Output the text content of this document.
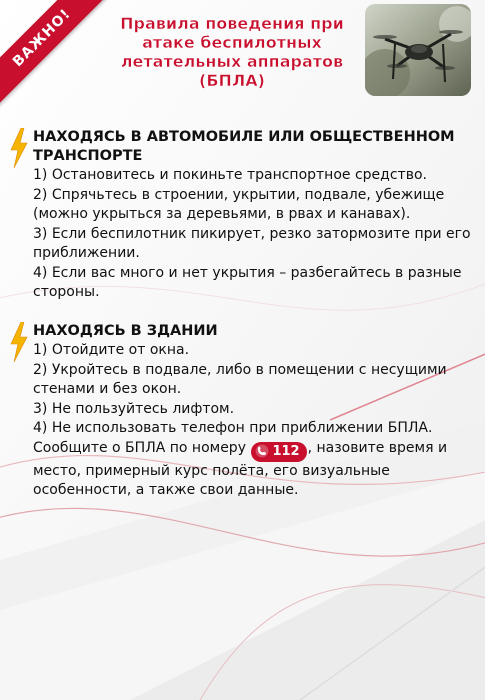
ВАЖНО!	Правила поведения при
атаке беспилотных
летательных аппаратов
(БПЛА)
НАХОДЯСЬ В АВТОМОБИЛЕ ИЛИ ОБЩЕСТВЕННОМ ТРАНСПОРТЕ
1) Остановитесь и покиньте транспортное средство.
2) Спрячьтесь в строении, укрытии, подвале, убежище (можно укрыться за деревьями, в рвах и канавах).
3) Если беспилотник пикирует, резко затормозите при его приближении.
4) Если вас много и нет укрытия – разбегайтесь в разные стороны.
НАХОДЯСЬ В ЗДАНИИ
1) Отойдите от окна.
2) Укройтесь в подвале, либо в помещении с несущими стенами и без окон.
3) Не пользуйтесь лифтом.
4) Не использовать телефон при приближении БПЛА. Сообщите о БПЛА по номеру 112 , назовите время и место, примерный курс полёта, его визуальные особенности, а также свои данные.
